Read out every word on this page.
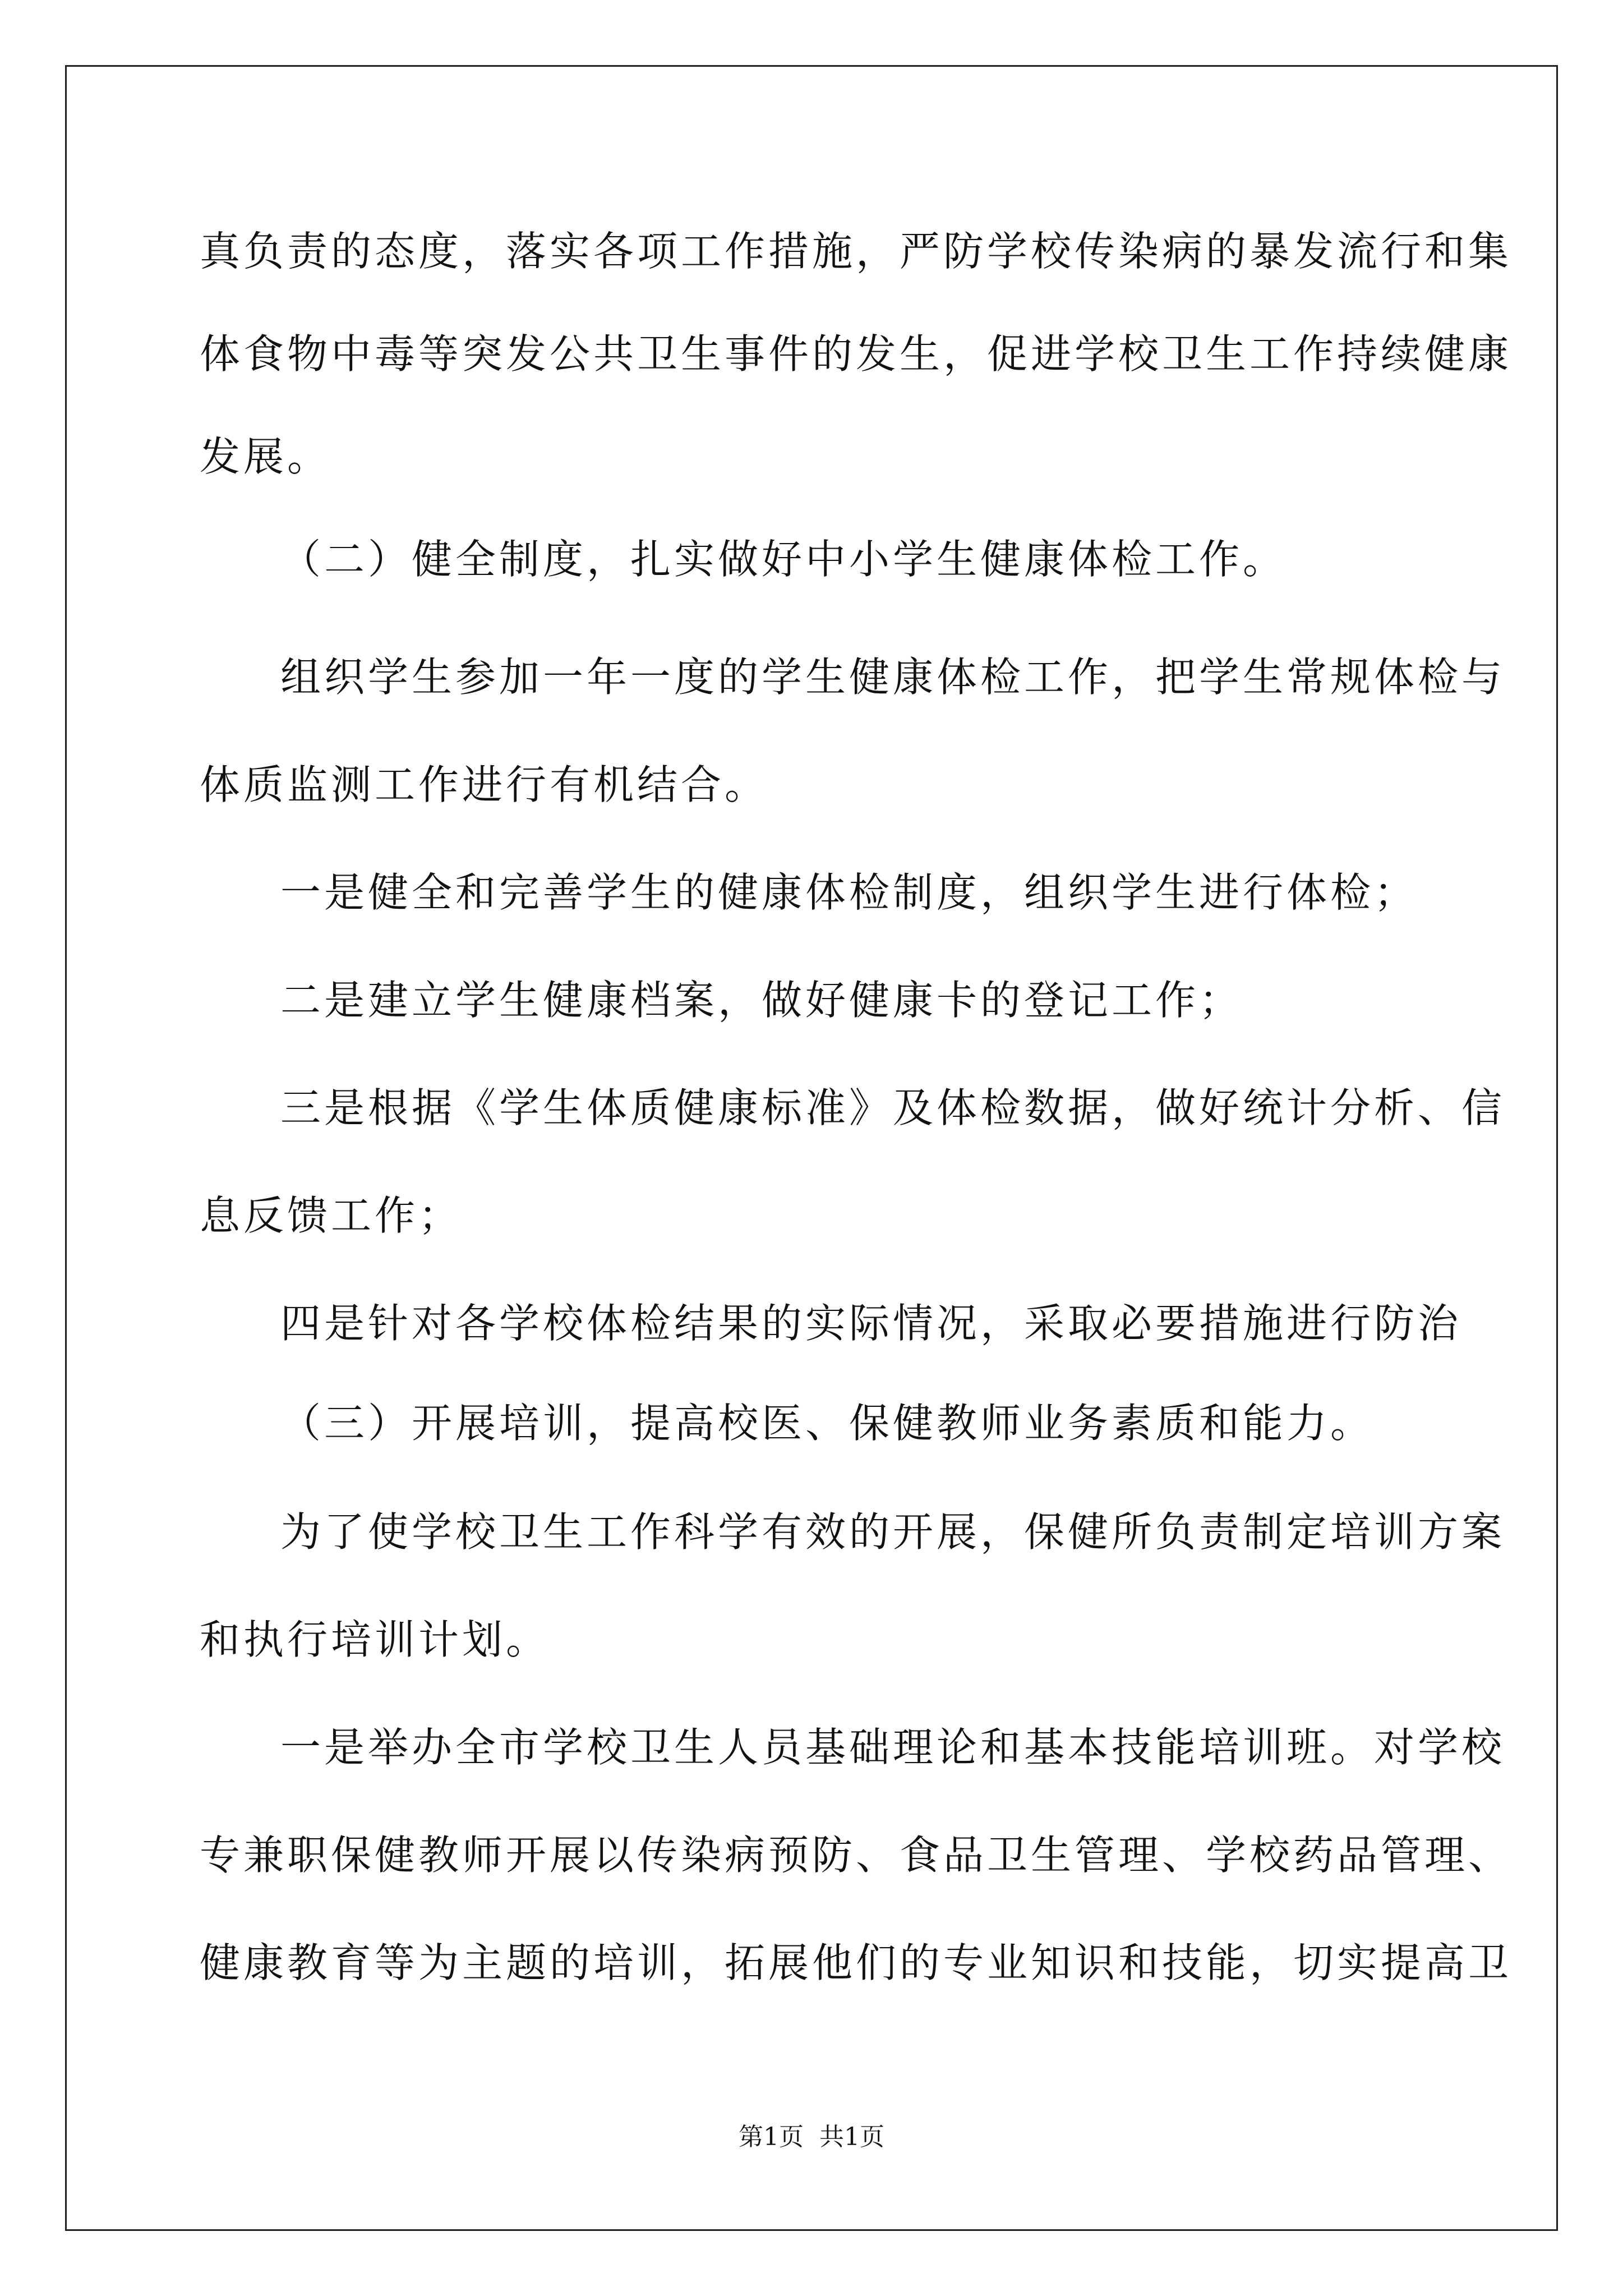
真负责的态度，落实各项工作措施，严防学校传染病的暴发流行和集
体食物中毒等突发公共卫生事件的发生，促进学校卫生工作持续健康
发展。
（二）健全制度，扎实做好中小学生健康体检工作。
组织学生参加一年一度的学生健康体检工作，把学生常规体检与
体质监测工作进行有机结合。
一是健全和完善学生的健康体检制度，组织学生进行体检；
二是建立学生健康档案，做好健康卡的登记工作；
三是根据《学生体质健康标准》及体检数据，做好统计分析、信
息反馈工作；
四是针对各学校体检结果的实际情况，采取必要措施进行防治
（三）开展培训，提高校医、保健教师业务素质和能力。
为了使学校卫生工作科学有效的开展，保健所负责制定培训方案
和执行培训计划。
一是举办全市学校卫生人员基础理论和基本技能培训班。对学校
专兼职保健教师开展以传染病预防、食品卫生管理、学校药品管理、
健康教育等为主题的培训，拓展他们的专业知识和技能，切实提高卫
第1页 共1页
